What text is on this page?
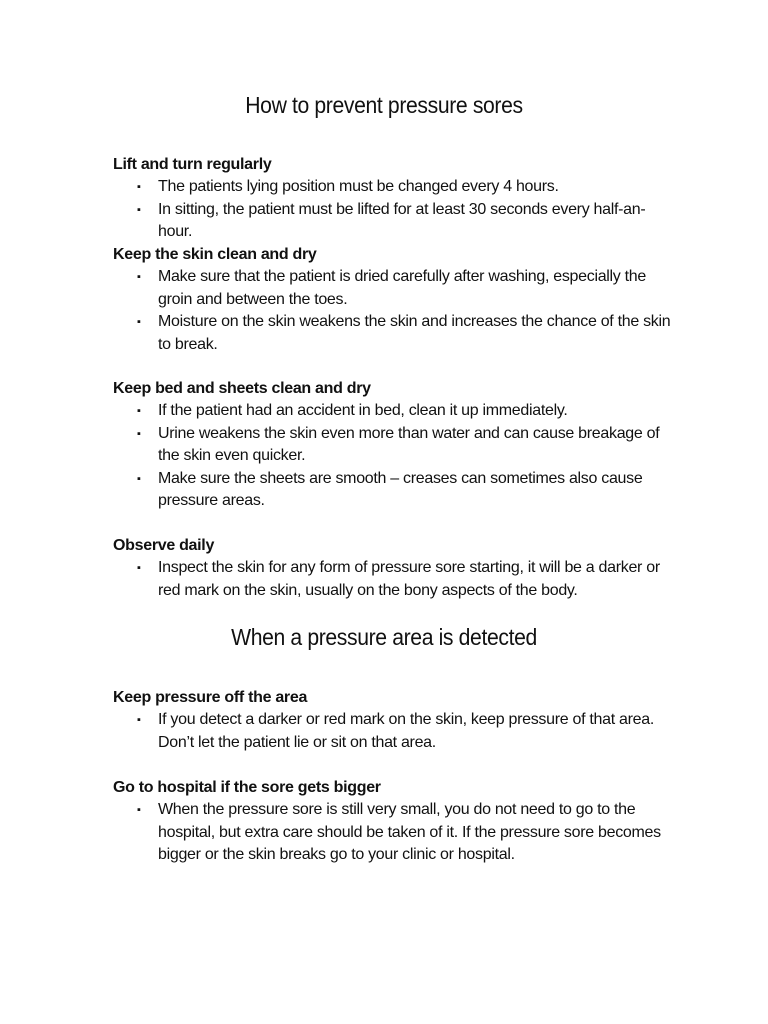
How to prevent pressure sores

Lift and turn regularly

▪ The patients lying position must be changed every 4 hours.
▪ In sitting, the patient must be lifted for at least 30 seconds every half-an-hour.

Keep the skin clean and dry

▪ Make sure that the patient is dried carefully after washing, especially the groin and between the toes.
▪ Moisture on the skin weakens the skin and increases the chance of the skin to break.

Keep bed and sheets clean and dry

▪ If the patient had an accident in bed, clean it up immediately.
▪ Urine weakens the skin even more than water and can cause breakage of the skin even quicker.
▪ Make sure the sheets are smooth – creases can sometimes also cause pressure areas.

Observe daily

▪ Inspect the skin for any form of pressure sore starting, it will be a darker or red mark on the skin, usually on the bony aspects of the body.
When a pressure area is detected

Keep pressure off the area

▪ If you detect a darker or red mark on the skin, keep pressure of that area. Don’t let the patient lie or sit on that area.

Go to hospital if the sore gets bigger

▪ When the pressure sore is still very small, you do not need to go to the hospital, but extra care should be taken of it. If the pressure sore becomes bigger or the skin breaks go to your clinic or hospital.
